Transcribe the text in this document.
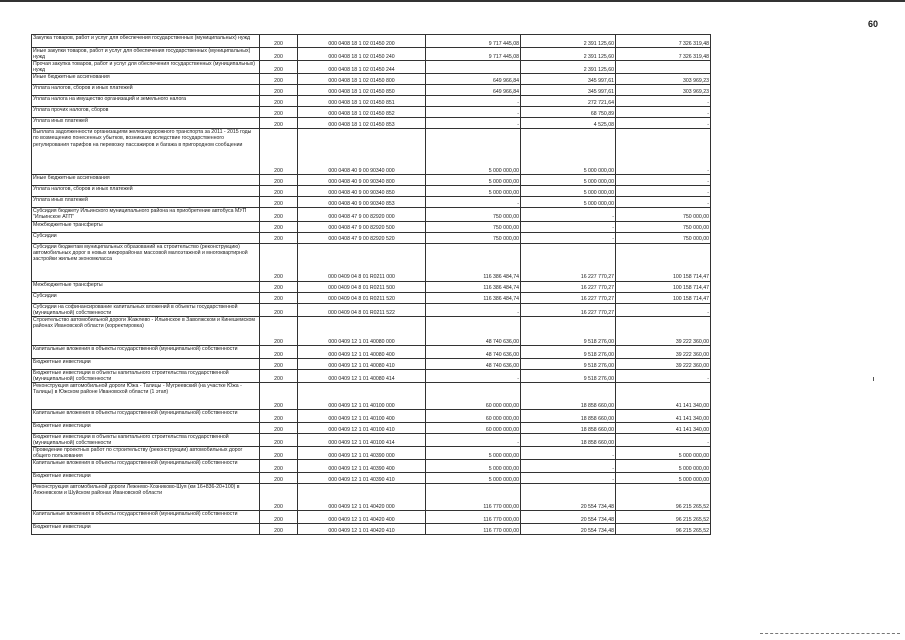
60
Закупка товаров, работ и услуг для обеспечения государственных (муниципальных) нужд	200	000 0408 18 1 02 01450 200	9 717 445,08	2 391 125,60	7 326 319,48
Иные закупки товаров, работ и услуг для обеспечения государственных (муниципальных) нужд	200	000 0408 18 1 02 01450 240	9 717 445,08	2 391 125,60	7 326 319,48
Прочая закупка товаров, работ и услуг для обеспечения государственных (муниципальных) нужд	200	000 0408 18 1 02 01450 244		2 391 125,60	
Иные бюджетные ассигнования	200	000 0408 18 1 02 01450 800	649 966,84	345 997,61	303 969,23
Уплата налогов, сборов и иных платежей	200	000 0408 18 1 02 01450 850	649 966,84	345 997,61	303 969,23
Уплата налога на имущество организаций и земельного налога	200	000 0408 18 1 02 01450 851	-	272 721,64	-
Уплата прочих налогов, сборов	200	000 0408 18 1 02 01450 852	-	68 750,89	-
Уплата иных платежей	200	000 0408 18 1 02 01450 853	-	4 525,08	-
Выплата задолженности организациям железнодорожного транспорта за 2011 - 2015 годы по возмещению понесенных убытков, возникших вследствие государственного регулирования тарифов на перевозку пассажиров и багажа в пригородном сообщении	200	000 0408 40 9 00 90340 000	5 000 000,00	5 000 000,00	-
Иные бюджетные ассигнования	200	000 0408 40 9 00 90340 800	5 000 000,00	5 000 000,00	-
Уплата налогов, сборов и иных платежей	200	000 0408 40 9 00 90340 850	5 000 000,00	5 000 000,00	-
Уплата иных платежей	200	000 0408 40 9 00 90340 853	-	5 000 000,00	-
Субсидия бюджету Ильинского муниципального района на приобретение автобуса МУП "Ильинское АТП"	200	000 0408 47 9 00 82920 000	750 000,00	-	750 000,00
Межбюджетные трансферты	200	000 0408 47 9 00 82920 500	750 000,00	-	750 000,00
Субсидии	200	000 0408 47 9 00 82920 520	750 000,00	-	750 000,00
Субсидии бюджетам муниципальных образований на строительство (реконструкцию) автомобильных дорог в новых микрорайонах массовой малоэтажной и многоквартирной застройки жильем экономкласса	200	000 0409 04 8 01 R0211 000	116 386 484,74	16 227 770,27	100 158 714,47
Межбюджетные трансферты	200	000 0409 04 8 01 R0211 500	116 386 484,74	16 227 770,27	100 158 714,47
Субсидии	200	000 0409 04 8 01 R0211 520	116 386 484,74	16 227 770,27	100 158 714,47
Субсидии на софинансирование капитальных вложений в объекты государственной (муниципальной) собственности	200	000 0409 04 8 01 R0211 522	-	16 227 770,27	-
Строительство автомобильной дороги Жажлево - Ильинское в Заволжском и Кинешемском районах Ивановской области (корректировка)	200	000 0409 12 1 01 40080 000	48 740 636,00	9 518 276,00	39 222 360,00
Капитальные вложения в объекты государственной (муниципальной) собственности	200	000 0409 12 1 01 40080 400	48 740 636,00	9 518 276,00	39 222 360,00
Бюджетные инвестиции	200	000 0409 12 1 01 40080 410	48 740 636,00	9 518 276,00	39 222 360,00
Бюджетные инвестиции в объекты капитального строительства государственной (муниципальной) собственности	200	000 0409 12 1 01 40080 414	-	9 518 276,00	-
Реконструкция автомобильной дороги Южа - Талицы - Мугреевский (на участке Южа - Талицы) в Южском районе Ивановской области (1 этап)	200	000 0409 12 1 01 40100 000	60 000 000,00	18 858 660,00	41 141 340,00
Капитальные вложения в объекты государственной (муниципальной) собственности	200	000 0409 12 1 01 40100 400	60 000 000,00	18 858 660,00	41 141 340,00
Бюджетные инвестиции	200	000 0409 12 1 01 40100 410	60 000 000,00	18 858 660,00	41 141 340,00
Бюджетные инвестиции в объекты капитального строительства государственной (муниципальной) собственности	200	000 0409 12 1 01 40100 414	-	18 858 660,00	-
Проведение проектных работ по строительству (реконструкции) автомобильных дорог общего пользования	200	000 0409 12 1 01 40390 000	5 000 000,00	-	5 000 000,00
Капитальные вложения в объекты государственной (муниципальной) собственности	200	000 0409 12 1 01 40390 400	5 000 000,00	-	5 000 000,00
Бюджетные инвестиции	200	000 0409 12 1 01 40390 410	5 000 000,00	-	5 000 000,00
Реконструкция автомобильной дороги Лежнево-Хозниково-Шуя (км 16+836-20+100) в Лежневском и Шуйском районах Ивановской области	200	000 0409 12 1 01 40420 000	116 770 000,00	20 554 734,48	96 215 265,52
Капитальные вложения в объекты государственной (муниципальной) собственности	200	000 0409 12 1 01 40420 400	116 770 000,00	20 554 734,48	96 215 265,52
Бюджетные инвестиции	200	000 0409 12 1 01 40420 410	116 770 000,00	20 554 734,48	96 215 265,52
